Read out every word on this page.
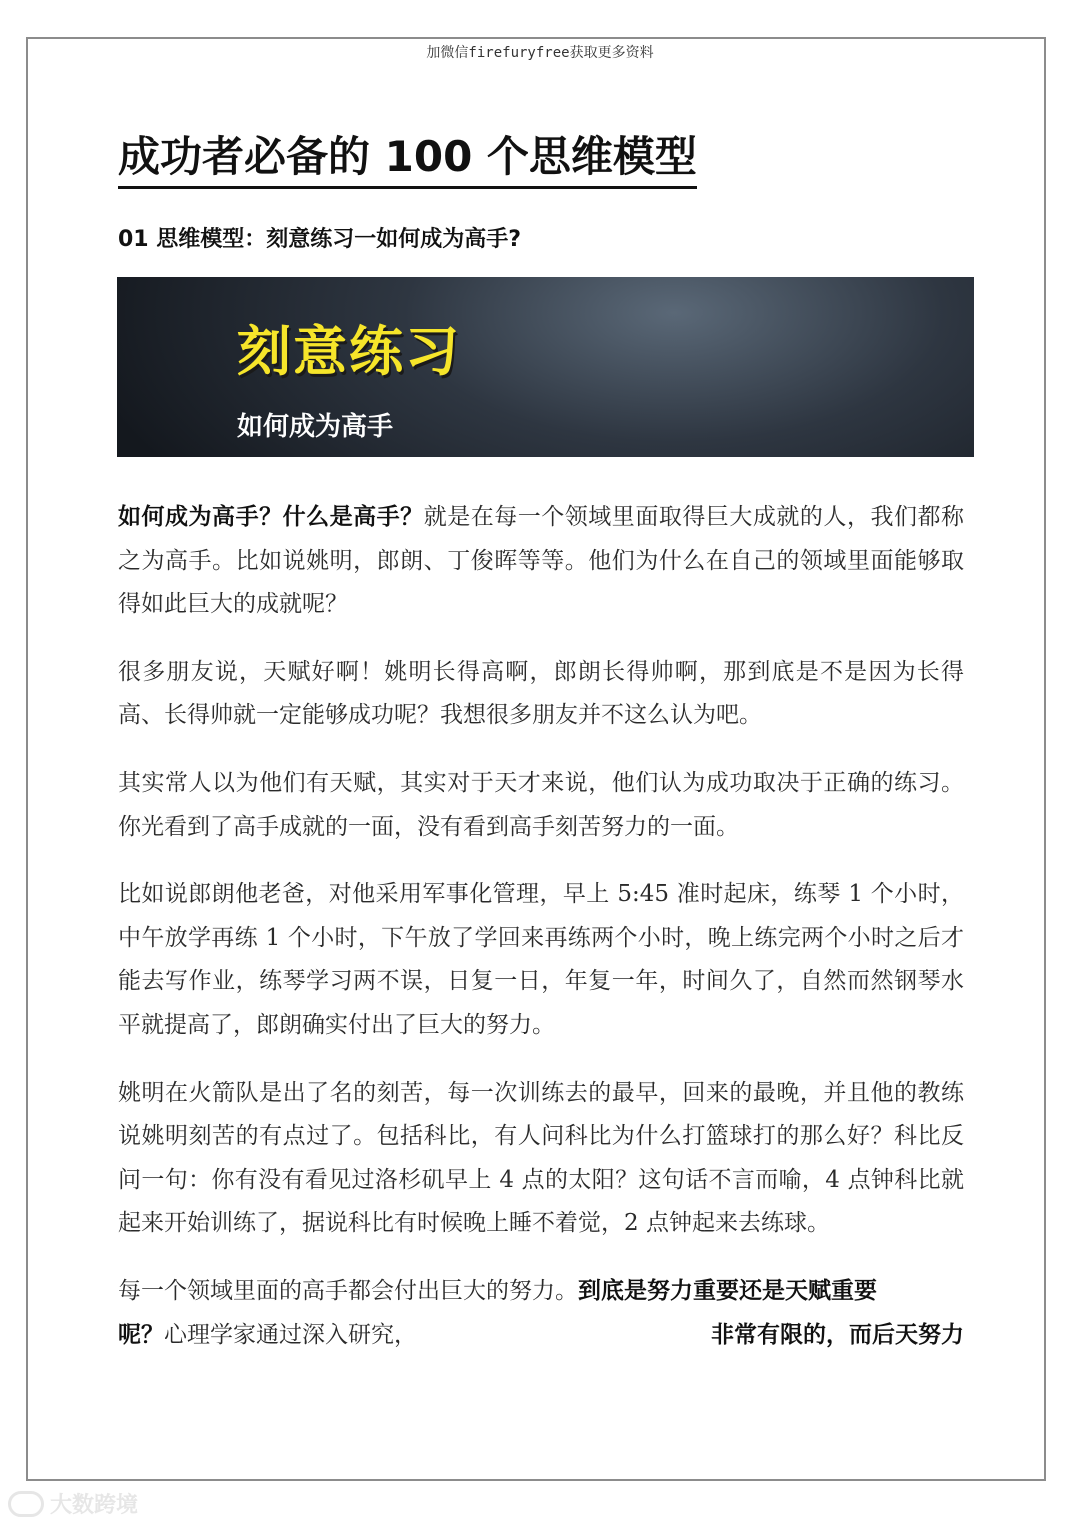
加微信firefuryfree获取更多资料
成功者必备的 100 个思维模型
01 思维模型：刻意练习一如何成为高手?
刻意练习
如何成为高手

如何成为高手？什么是高手？就是在每一个领域里面取得巨大成就的人，我们都称之为高手。比如说姚明，郎朗、丁俊晖等等。他们为什么在自己的领域里面能够取得如此巨大的成就呢？

很多朋友说，天赋好啊！姚明长得高啊，郎朗长得帅啊，那到底是不是因为长得高、长得帅就一定能够成功呢？我想很多朋友并不这么认为吧。

其实常人以为他们有天赋，其实对于天才来说，他们认为成功取决于正确的练习。你光看到了高手成就的一面，没有看到高手刻苦努力的一面。

比如说郎朗他老爸，对他采用军事化管理，早上 5:45 准时起床，练琴 1 个小时，中午放学再练 1 个小时，下午放了学回来再练两个小时，晚上练完两个小时之后才能去写作业，练琴学习两不误，日复一日，年复一年，时间久了，自然而然钢琴水平就提高了，郎朗确实付出了巨大的努力。

姚明在火箭队是出了名的刻苦，每一次训练去的最早，回来的最晚，并且他的教练说姚明刻苦的有点过了。包括科比，有人问科比为什么打篮球打的那么好？科比反问一句：你有没有看见过洛杉矶早上 4 点的太阳？这句话不言而喻，4 点钟科比就起来开始训练了，据说科比有时候晚上睡不着觉，2 点钟起来去练球。

每一个领域里面的高手都会付出巨大的努力。到底是努力重要还是天赋重要

呢？心理学家通过深入研究，	非常有限的，而后天努力

大数跨境
